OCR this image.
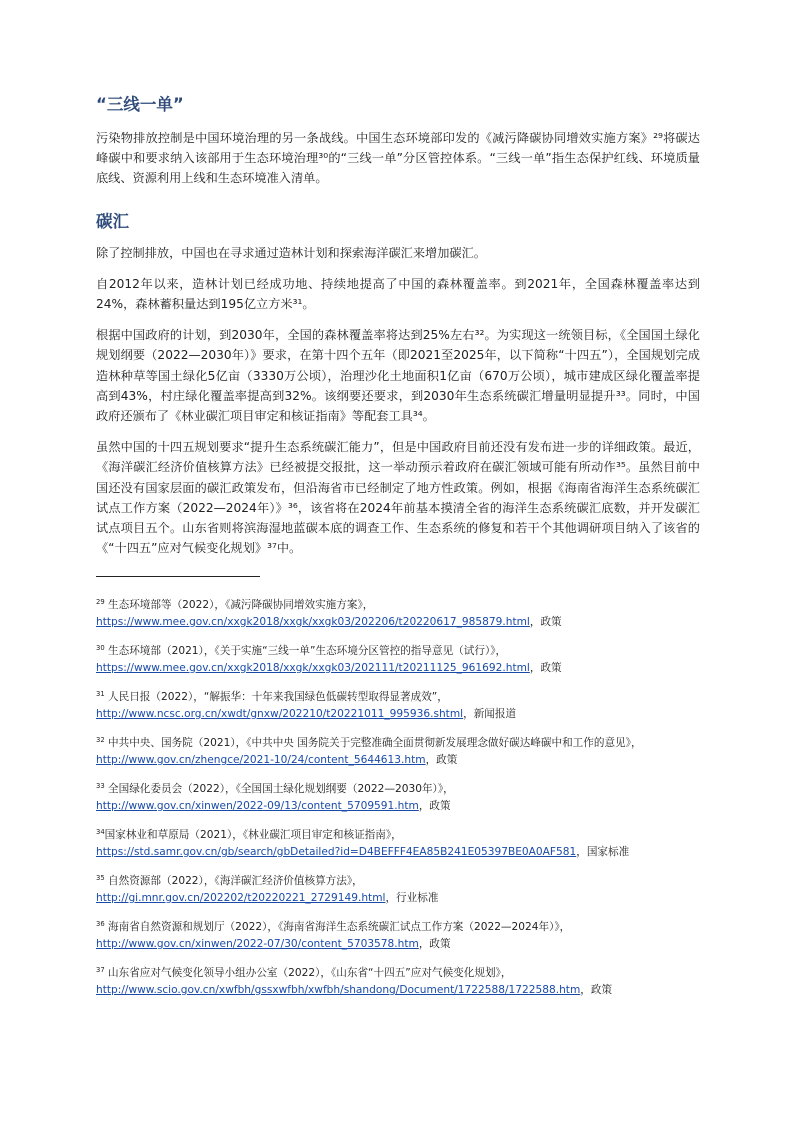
“三线一单”

污染物排放控制是中国环境治理的另一条战线。中国生态环境部印发的《减污降碳协同增效实施方案》²⁹将碳达峰碳中和要求纳入该部用于生态环境治理³⁰的“三线一单”分区管控体系。“三线一单”指生态保护红线、环境质量底线、资源利用上线和生态环境准入清单。

碳汇

除了控制排放，中国也在寻求通过造林计划和探索海洋碳汇来增加碳汇。

自2012年以来，造林计划已经成功地、持续地提高了中国的森林覆盖率。到2021年，全国森林覆盖率达到24%，森林蓄积量达到195亿立方米³¹。

根据中国政府的计划，到2030年，全国的森林覆盖率将达到25%左右³²。为实现这一统领目标，《全国国土绿化规划纲要（2022—2030年）》要求，在第十四个五年（即2021至2025年，以下简称“十四五”），全国规划完成造林种草等国土绿化5亿亩（3330万公顷），治理沙化土地面积1亿亩（670万公顷），城市建成区绿化覆盖率提高到43%，村庄绿化覆盖率提高到32%。该纲要还要求，到2030年生态系统碳汇增量明显提升³³。同时，中国政府还颁布了《林业碳汇项目审定和核证指南》等配套工具³⁴。

虽然中国的十四五规划要求“提升生态系统碳汇能力”，但是中国政府目前还没有发布进一步的详细政策。最近，《海洋碳汇经济价值核算方法》已经被提交报批，这一举动预示着政府在碳汇领域可能有所动作³⁵。虽然目前中国还没有国家层面的碳汇政策发布，但沿海省市已经制定了地方性政策。例如，根据《海南省海洋生态系统碳汇试点工作方案（2022—2024年）》³⁶，该省将在2024年前基本摸清全省的海洋生态系统碳汇底数，并开发碳汇试点项目五个。山东省则将滨海湿地蓝碳本底的调查工作、生态系统的修复和若干个其他调研项目纳入了该省的《“十四五”应对气候变化规划》³⁷中。

$^{29}$ 生态环境部等（2022），《减污降碳协同增效实施方案》，
https://www.mee.gov.cn/xxgk2018/xxgk/xxgk03/202206/t20220617_985879.html，政策
$^{30}$ 生态环境部（2021），《关于实施“三线一单”生态环境分区管控的指导意见（试行）》，
https://www.mee.gov.cn/xxgk2018/xxgk/xxgk03/202111/t20211125_961692.html，政策
$^{31}$ 人民日报（2022），“解振华：十年来我国绿色低碳转型取得显著成效”，
http://www.ncsc.org.cn/xwdt/gnxw/202210/t20221011_995936.shtml，新闻报道
$^{32}$ 中共中央、国务院（2021），《中共中央 国务院关于完整准确全面贯彻新发展理念做好碳达峰碳中和工作的意见》，http://www.gov.cn/zhengce/2021-10/24/content_5644613.htm，政策
$^{33}$ 全国绿化委员会（2022），《全国国土绿化规划纲要（2022—2030年）》，
http://www.gov.cn/xinwen/2022-09/13/content_5709591.htm，政策
$^{34}$国家林业和草原局（2021），《林业碳汇项目审定和核证指南》，
https://std.samr.gov.cn/gb/search/gbDetailed?id=D4BEFFF4EA85B241E05397BE0A0AF581，国家标准
$^{35}$ 自然资源部（2022），《海洋碳汇经济价值核算方法》，
http://gi.mnr.gov.cn/202202/t20220221_2729149.html，行业标准
$^{36}$ 海南省自然资源和规划厅（2022），《海南省海洋生态系统碳汇试点工作方案（2022—2024年）》，
http://www.gov.cn/xinwen/2022-07/30/content_5703578.htm，政策
$^{37}$ 山东省应对气候变化领导小组办公室（2022），《山东省“十四五”应对气候变化规划》，
http://www.scio.gov.cn/xwfbh/gssxwfbh/xwfbh/shandong/Document/1722588/1722588.htm，政策
